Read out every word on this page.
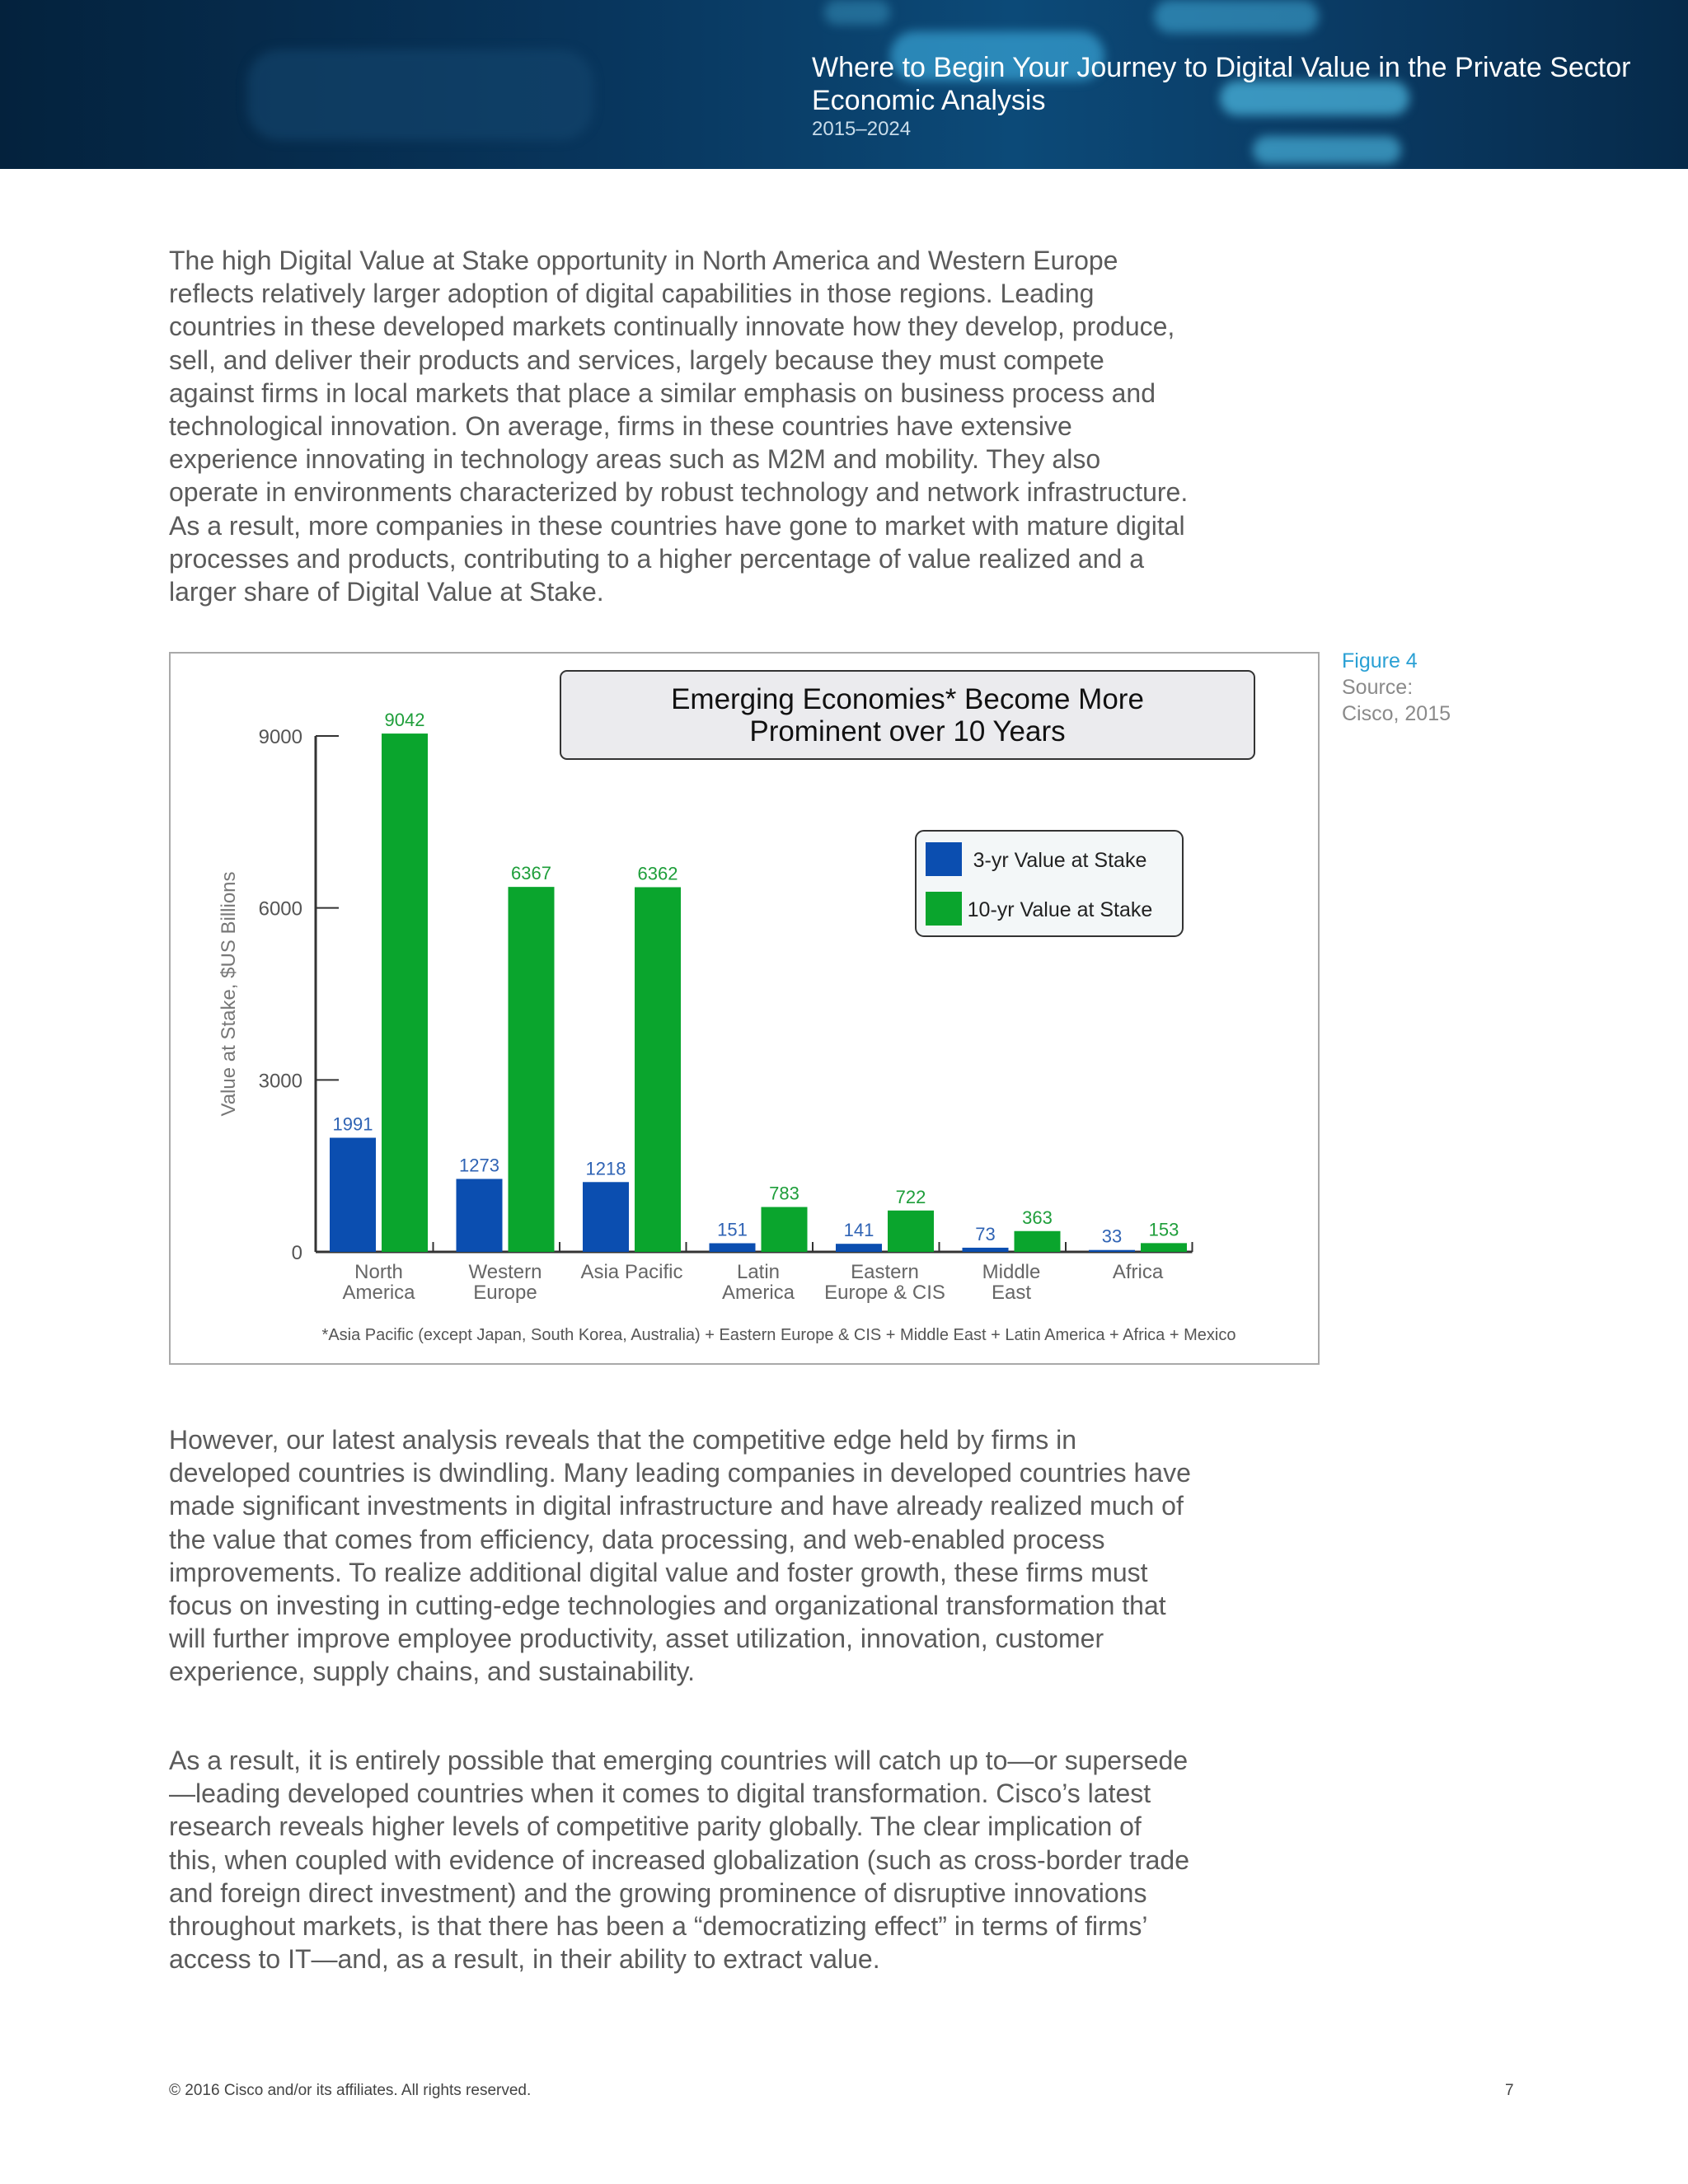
Where to Begin Your Journey to Digital Value in the Private Sector
Economic Analysis
2015–2024

The high Digital Value at Stake opportunity in North America and Western Europe reflects relatively larger adoption of digital capabilities in those regions. Leading countries in these developed markets continually innovate how they develop, produce, sell, and deliver their products and services, largely because they must compete against firms in local markets that place a similar emphasis on business process and technological innovation. On average, firms in these countries have extensive experience innovating in technology areas such as M2M and mobility. They also operate in environments characterized by robust technology and network infrastructure. As a result, more companies in these countries have gone to market with mature digital processes and products, contributing to a higher percentage of value realized and a larger share of Digital Value at Stake.

0
3000
6000
9000
Value at Stake, $US Billions
1991
9042
North
America
1273
6367
Western
Europe
1218
6362
Asia Pacific
151
783
Latin
America
141
722
Eastern
Europe & CIS
73
363
Middle
East
33 153
Africa
Emerging Economies* Become More
Prominent over 10 Years
3-yr Value at Stake
10-yr Value at Stake
*Asia Pacific (except Japan, South Korea, Australia) + Eastern Europe & CIS + Middle East + Latin America + Africa + Mexico
Figure 4
Source:
Cisco, 2015

However, our latest analysis reveals that the competitive edge held by firms in developed countries is dwindling. Many leading companies in developed countries have made significant investments in digital infrastructure and have already realized much of the value that comes from efficiency, data processing, and web-enabled process improvements. To realize additional digital value and foster growth, these firms must focus on investing in cutting-edge technologies and organizational transformation that will further improve employee productivity, asset utilization, innovation, customer experience, supply chains, and sustainability.

As a result, it is entirely possible that emerging countries will catch up to—or supersede—leading developed countries when it comes to digital transformation. Cisco’s latest research reveals higher levels of competitive parity globally. The clear implication of this, when coupled with evidence of increased globalization (such as cross-border trade and foreign direct investment) and the growing prominence of disruptive innovations throughout markets, is that there has been a “democratizing effect” in terms of firms’ access to IT—and, as a result, in their ability to extract value.

© 2016 Cisco and/or its affiliates. All rights reserved.	7
